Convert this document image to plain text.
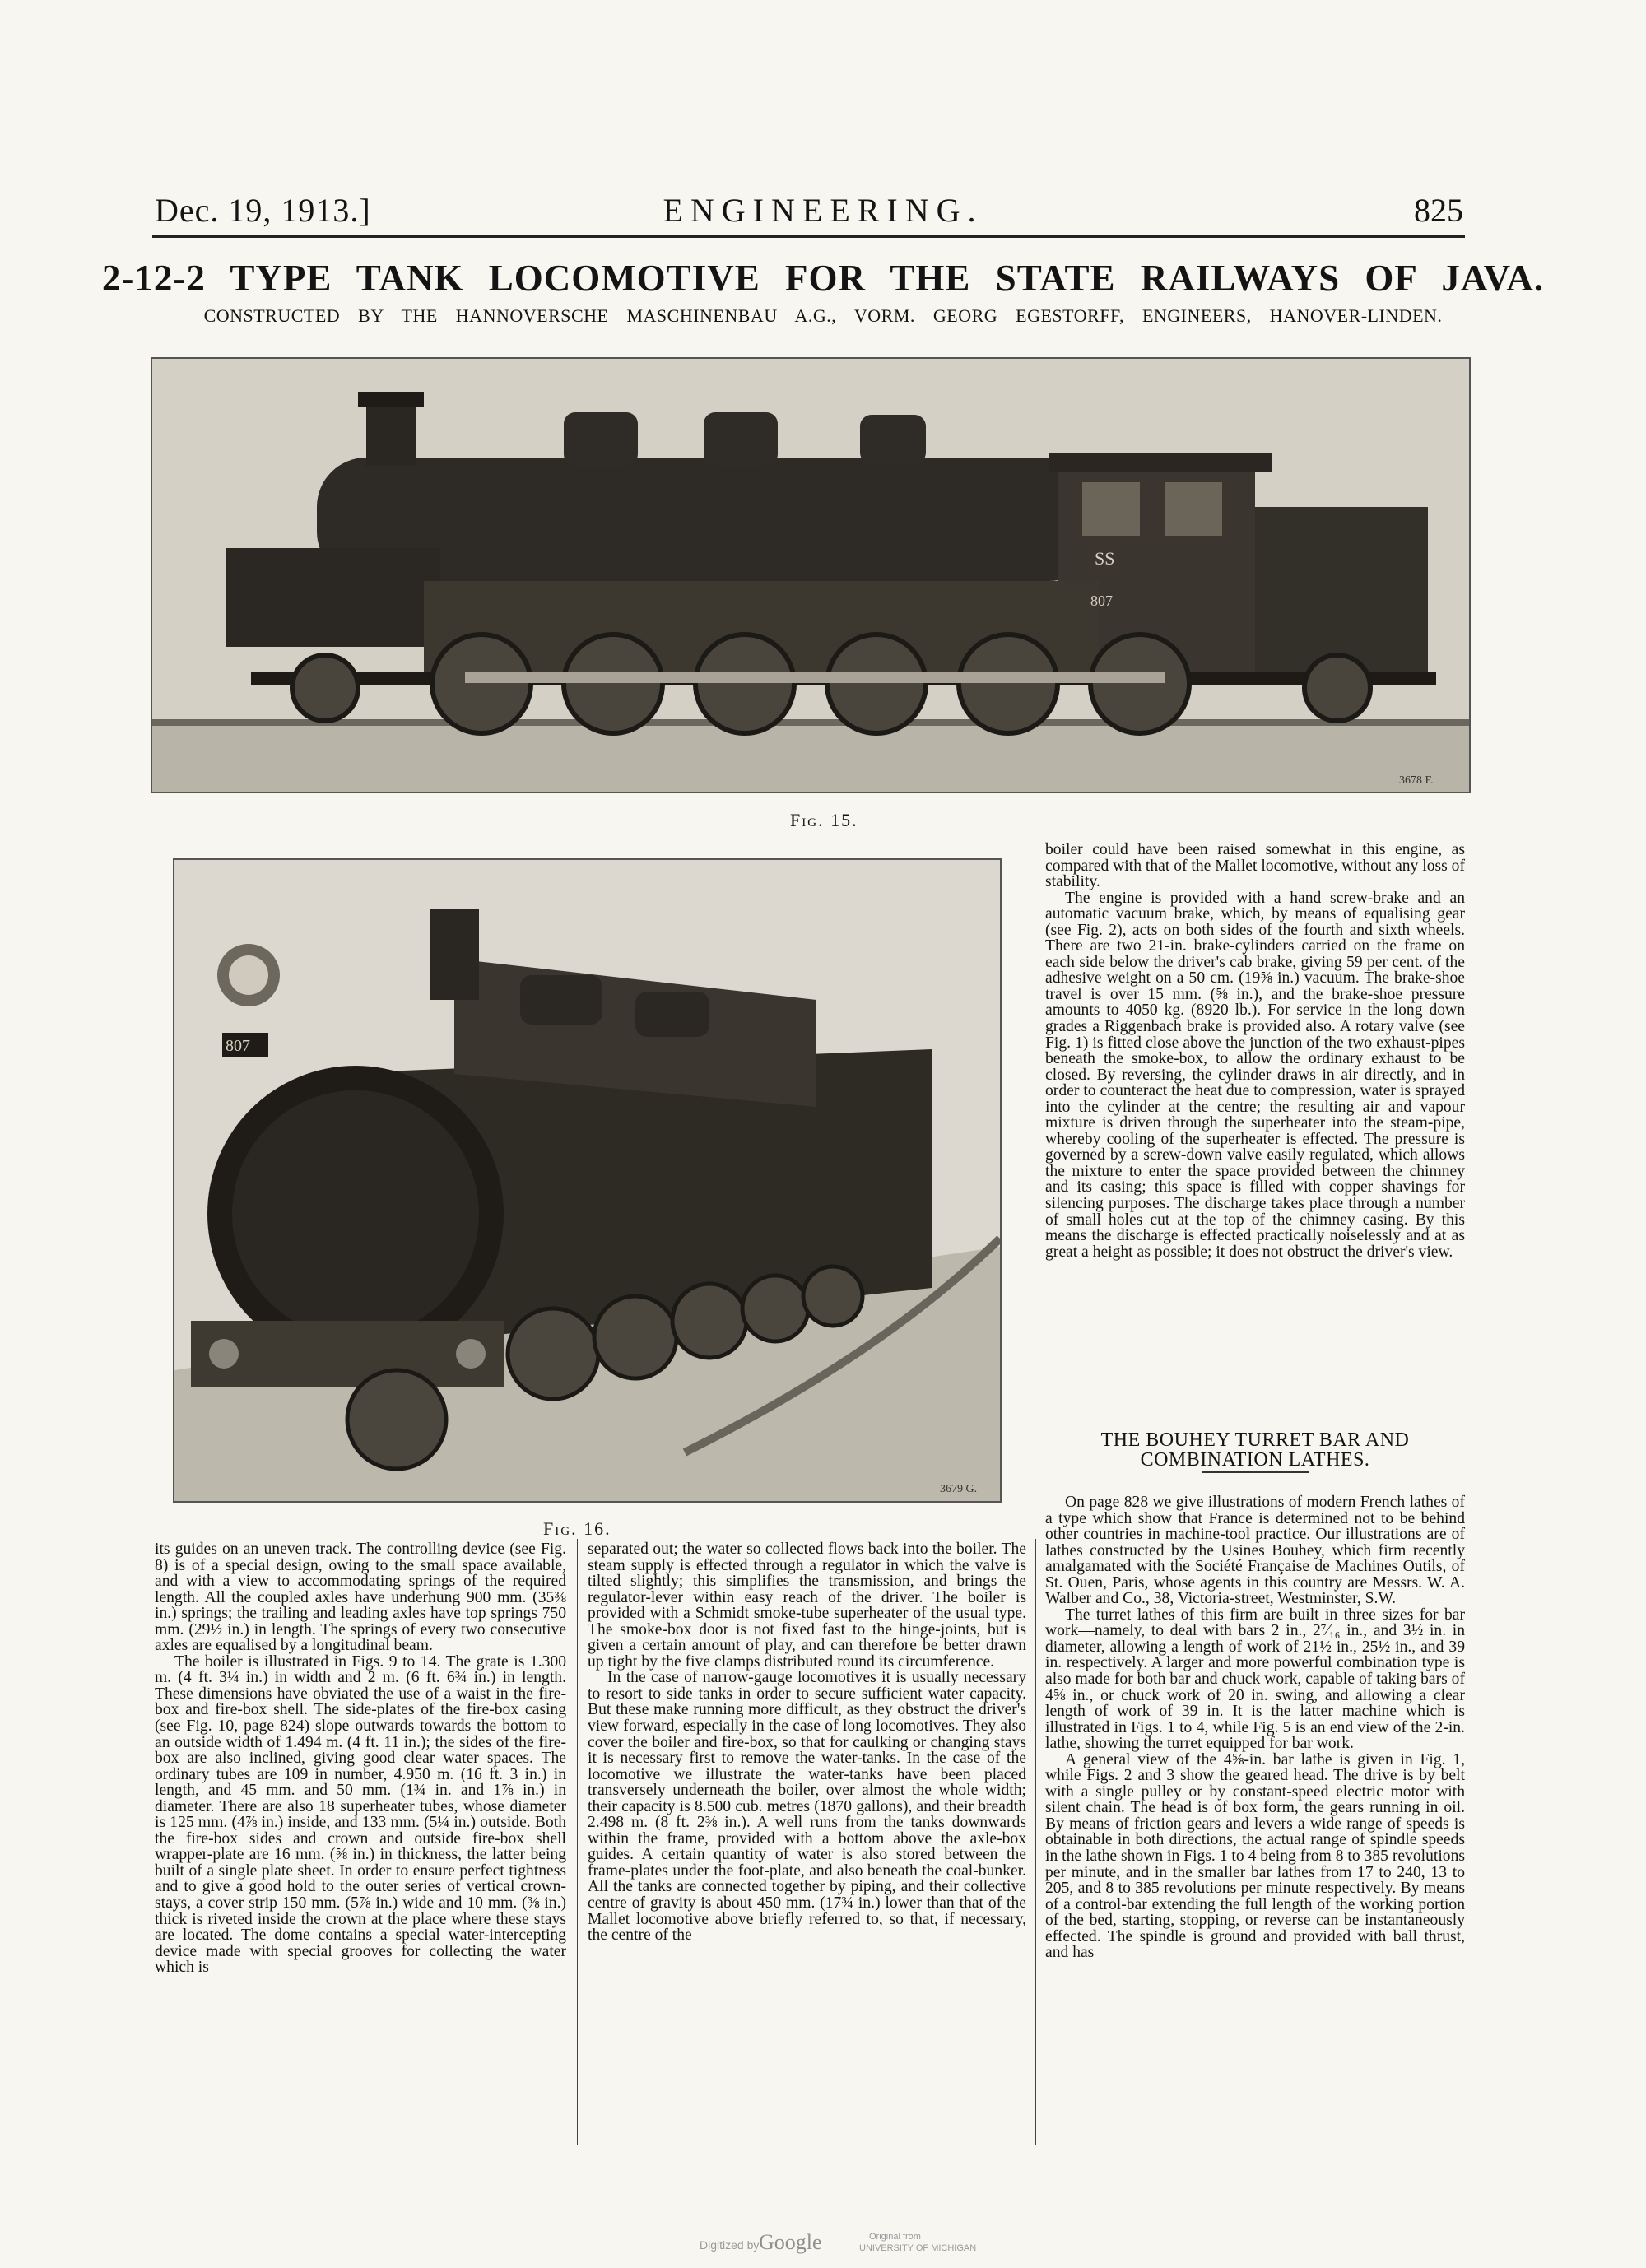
Dec. 19, 1913.]	ENGINEERING.	825
2-12-2 TYPE TANK LOCOMOTIVE FOR THE STATE RAILWAYS OF JAVA.
CONSTRUCTED BY THE HANNOVERSCHE MASCHINENBAU A.G., VORM. GEORG EGESTORFF, ENGINEERS, HANOVER-LINDEN.
SS
807
3678 F.
Fig. 15.
807
3679 G.
Fig. 16.

boiler could have been raised somewhat in this engine, as compared with that of the Mallet locomotive, without any loss of stability.

The engine is provided with a hand screw-brake and an automatic vacuum brake, which, by means of equalising gear (see Fig. 2), acts on both sides of the fourth and sixth wheels. There are two 21-in. brake-cylinders carried on the frame on each side below the driver's cab brake, giving 59 per cent. of the adhesive weight on a 50 cm. (19⅝ in.) vacuum. The brake-shoe travel is over 15 mm. (⅝ in.), and the brake-shoe pressure amounts to 4050 kg. (8920 lb.). For service in the long down grades a Riggenbach brake is provided also. A rotary valve (see Fig. 1) is fitted close above the junction of the two exhaust-pipes beneath the smoke-box, to allow the ordinary exhaust to be closed. By reversing, the cylinder draws in air directly, and in order to counteract the heat due to compression, water is sprayed into the cylinder at the centre; the resulting air and vapour mixture is driven through the superheater into the steam-pipe, whereby cooling of the superheater is effected. The pressure is governed by a screw-down valve easily regulated, which allows the mixture to enter the space provided between the chimney and its casing; this space is filled with copper shavings for silencing purposes. The discharge takes place through a number of small holes cut at the top of the chimney casing. By this means the discharge is effected practically noiselessly and at as great a height as possible; it does not obstruct the driver's view.

THE BOUHEY TURRET BAR AND COMBINATION LATHES.

On page 828 we give illustrations of modern French lathes of a type which show that France is determined not to be behind other countries in machine-tool practice. Our illustrations are of lathes constructed by the Usines Bouhey, which firm recently amalgamated with the Société Française de Machines Outils, of St. Ouen, Paris, whose agents in this country are Messrs. W. A. Walber and Co., 38, Victoria-street, Westminster, S.W.

The turret lathes of this firm are built in three sizes for bar work—namely, to deal with bars 2 in., 2⁷⁄₁₆ in., and 3½ in. in diameter, allowing a length of work of 21½ in., 25½ in., and 39 in. respectively. A larger and more powerful combination type is also made for both bar and chuck work, capable of taking bars of 4⅝ in., or chuck work of 20 in. swing, and allowing a clear length of work of 39 in. It is the latter machine which is illustrated in Figs. 1 to 4, while Fig. 5 is an end view of the 2-in. lathe, showing the turret equipped for bar work.

A general view of the 4⅝-in. bar lathe is given in Fig. 1, while Figs. 2 and 3 show the geared head. The drive is by belt with a single pulley or by constant-speed electric motor with silent chain. The head is of box form, the gears running in oil. By means of friction gears and levers a wide range of speeds is obtainable in both directions, the actual range of spindle speeds in the lathe shown in Figs. 1 to 4 being from 8 to 385 revolutions per minute, and in the smaller bar lathes from 17 to 240, 13 to 205, and 8 to 385 revolutions per minute respectively. By means of a control-bar extending the full length of the working portion of the bed, starting, stopping, or reverse can be instantaneously effected. The spindle is ground and provided with ball thrust, and has

its guides on an uneven track. The controlling device (see Fig. 8) is of a special design, owing to the small space available, and with a view to accommodating springs of the required length. All the coupled axles have underhung 900 mm. (35⅜ in.) springs; the trailing and leading axles have top springs 750 mm. (29½ in.) in length. The springs of every two consecutive axles are equalised by a longitudinal beam.

The boiler is illustrated in Figs. 9 to 14. The grate is 1.300 m. (4 ft. 3¼ in.) in width and 2 m. (6 ft. 6¾ in.) in length. These dimensions have obviated the use of a waist in the fire-box and fire-box shell. The side-plates of the fire-box casing (see Fig. 10, page 824) slope outwards towards the bottom to an outside width of 1.494 m. (4 ft. 11 in.); the sides of the fire-box are also inclined, giving good clear water spaces. The ordinary tubes are 109 in number, 4.950 m. (16 ft. 3 in.) in length, and 45 mm. and 50 mm. (1¾ in. and 1⅞ in.) in diameter. There are also 18 superheater tubes, whose diameter is 125 mm. (4⅞ in.) inside, and 133 mm. (5¼ in.) outside. Both the fire-box sides and crown and outside fire-box shell wrapper-plate are 16 mm. (⅝ in.) in thickness, the latter being built of a single plate sheet. In order to ensure perfect tightness and to give a good hold to the outer series of vertical crown-stays, a cover strip 150 mm. (5⅞ in.) wide and 10 mm. (⅜ in.) thick is riveted inside the crown at the place where these stays are located. The dome contains a special water-intercepting device made with special grooves for collecting the water which is

separated out; the water so collected flows back into the boiler. The steam supply is effected through a regulator in which the valve is tilted slightly; this simplifies the transmission, and brings the regulator-lever within easy reach of the driver. The boiler is provided with a Schmidt smoke-tube superheater of the usual type. The smoke-box door is not fixed fast to the hinge-joints, but is given a certain amount of play, and can therefore be better drawn up tight by the five clamps distributed round its circumference.

In the case of narrow-gauge locomotives it is usually necessary to resort to side tanks in order to secure sufficient water capacity. But these make running more difficult, as they obstruct the driver's view forward, especially in the case of long locomotives. They also cover the boiler and fire-box, so that for caulking or changing stays it is necessary first to remove the water-tanks. In the case of the locomotive we illustrate the water-tanks have been placed transversely underneath the boiler, over almost the whole width; their capacity is 8.500 cub. metres (1870 gallons), and their breadth 2.498 m. (8 ft. 2⅜ in.). A well runs from the tanks downwards within the frame, provided with a bottom above the axle-box guides. A certain quantity of water is also stored between the frame-plates under the foot-plate, and also beneath the coal-bunker. All the tanks are connected together by piping, and their collective centre of gravity is about 450 mm. (17¾ in.) lower than that of the Mallet locomotive above briefly referred to, so that, if necessary, the centre of the

Digitized by Google	Original from
UNIVERSITY OF MICHIGAN
